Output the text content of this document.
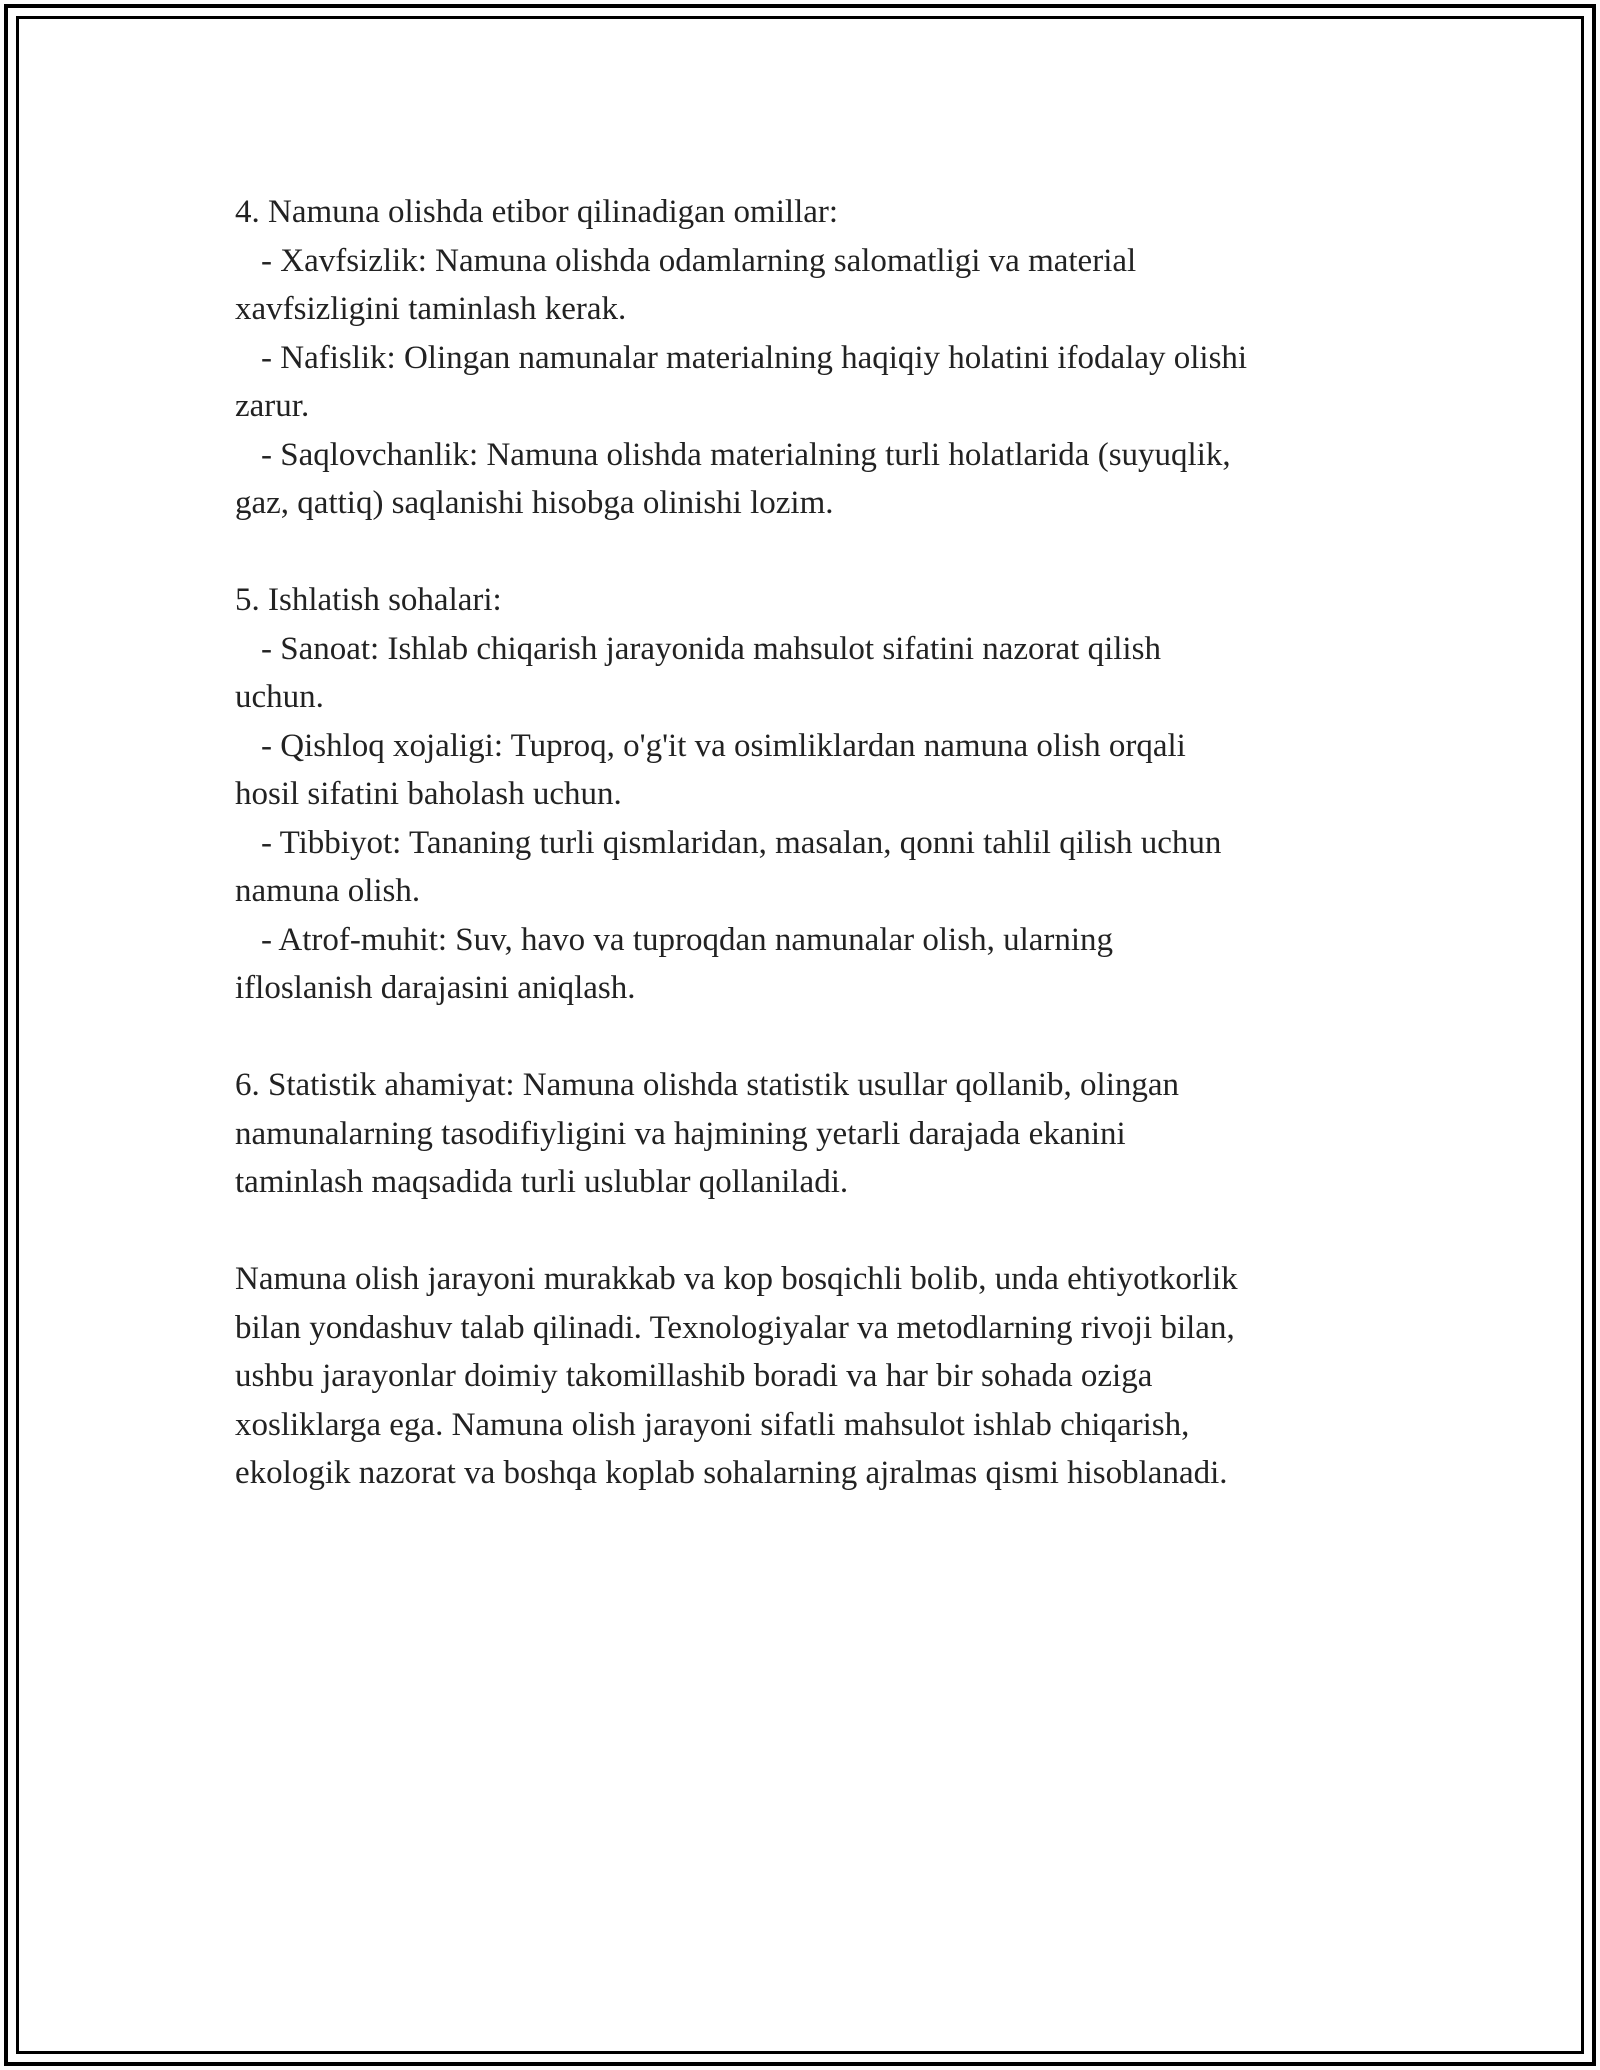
4. Namuna olishda etibor qilinadigan omillar:
- Xavfsizlik: Namuna olishda odamlarning salomatligi va material
xavfsizligini taminlash kerak.
- Nafislik: Olingan namunalar materialning haqiqiy holatini ifodalay olishi
zarur.
- Saqlovchanlik: Namuna olishda materialning turli holatlarida (suyuqlik,
gaz, qattiq) saqlanishi hisobga olinishi lozim.
5. Ishlatish sohalari:
- Sanoat: Ishlab chiqarish jarayonida mahsulot sifatini nazorat qilish
uchun.
- Qishloq xojaligi: Tuproq, o'g'it va osimliklardan namuna olish orqali
hosil sifatini baholash uchun.
- Tibbiyot: Tananing turli qismlaridan, masalan, qonni tahlil qilish uchun
namuna olish.
- Atrof-muhit: Suv, havo va tuproqdan namunalar olish, ularning
ifloslanish darajasini aniqlash.
6. Statistik ahamiyat: Namuna olishda statistik usullar qollanib, olingan
namunalarning tasodifiyligini va hajmining yetarli darajada ekanini
taminlash maqsadida turli uslublar qollaniladi.
Namuna olish jarayoni murakkab va kop bosqichli bolib, unda ehtiyotkorlik
bilan yondashuv talab qilinadi. Texnologiyalar va metodlarning rivoji bilan,
ushbu jarayonlar doimiy takomillashib boradi va har bir sohada oziga
xosliklarga ega. Namuna olish jarayoni sifatli mahsulot ishlab chiqarish,
ekologik nazorat va boshqa koplab sohalarning ajralmas qismi hisoblanadi.
